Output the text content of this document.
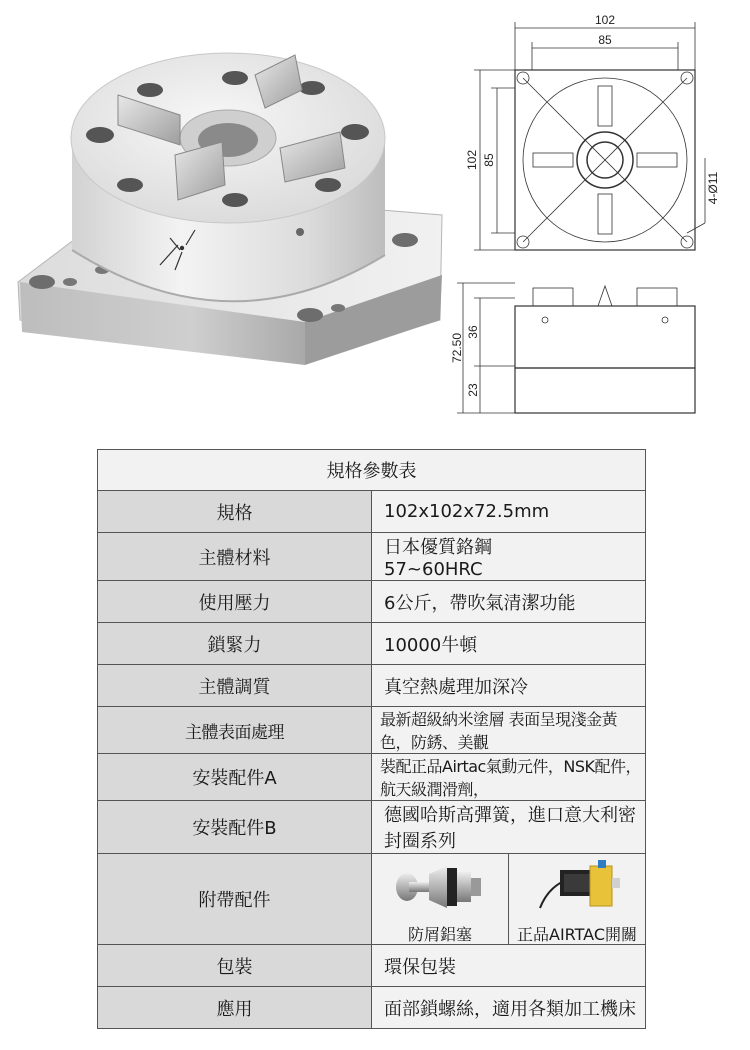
102
85
102 85
4-Ø11
72.50
36
23
規格參數表	
規格	102x102x72.5mm
主體材料	日本優質鉻鋼57~60HRC
使用壓力	6公斤，帶吹氣清潔功能
鎖緊力	10000牛頓
主體調質	真空熱處理加深冷
主體表面處理	最新超級納米塗層 表面呈現淺金黃色，防銹、美觀
安裝配件A	裝配正品Airtac氣動元件，NSK配件，航天級潤滑劑，
安裝配件B	德國哈斯高彈簧，進口意大利密封圈系列
附帶配件	防屑鋁塞 正品AIRTAC開關

包裝	環保包裝
應用	面部鎖螺絲，適用各類加工機床
